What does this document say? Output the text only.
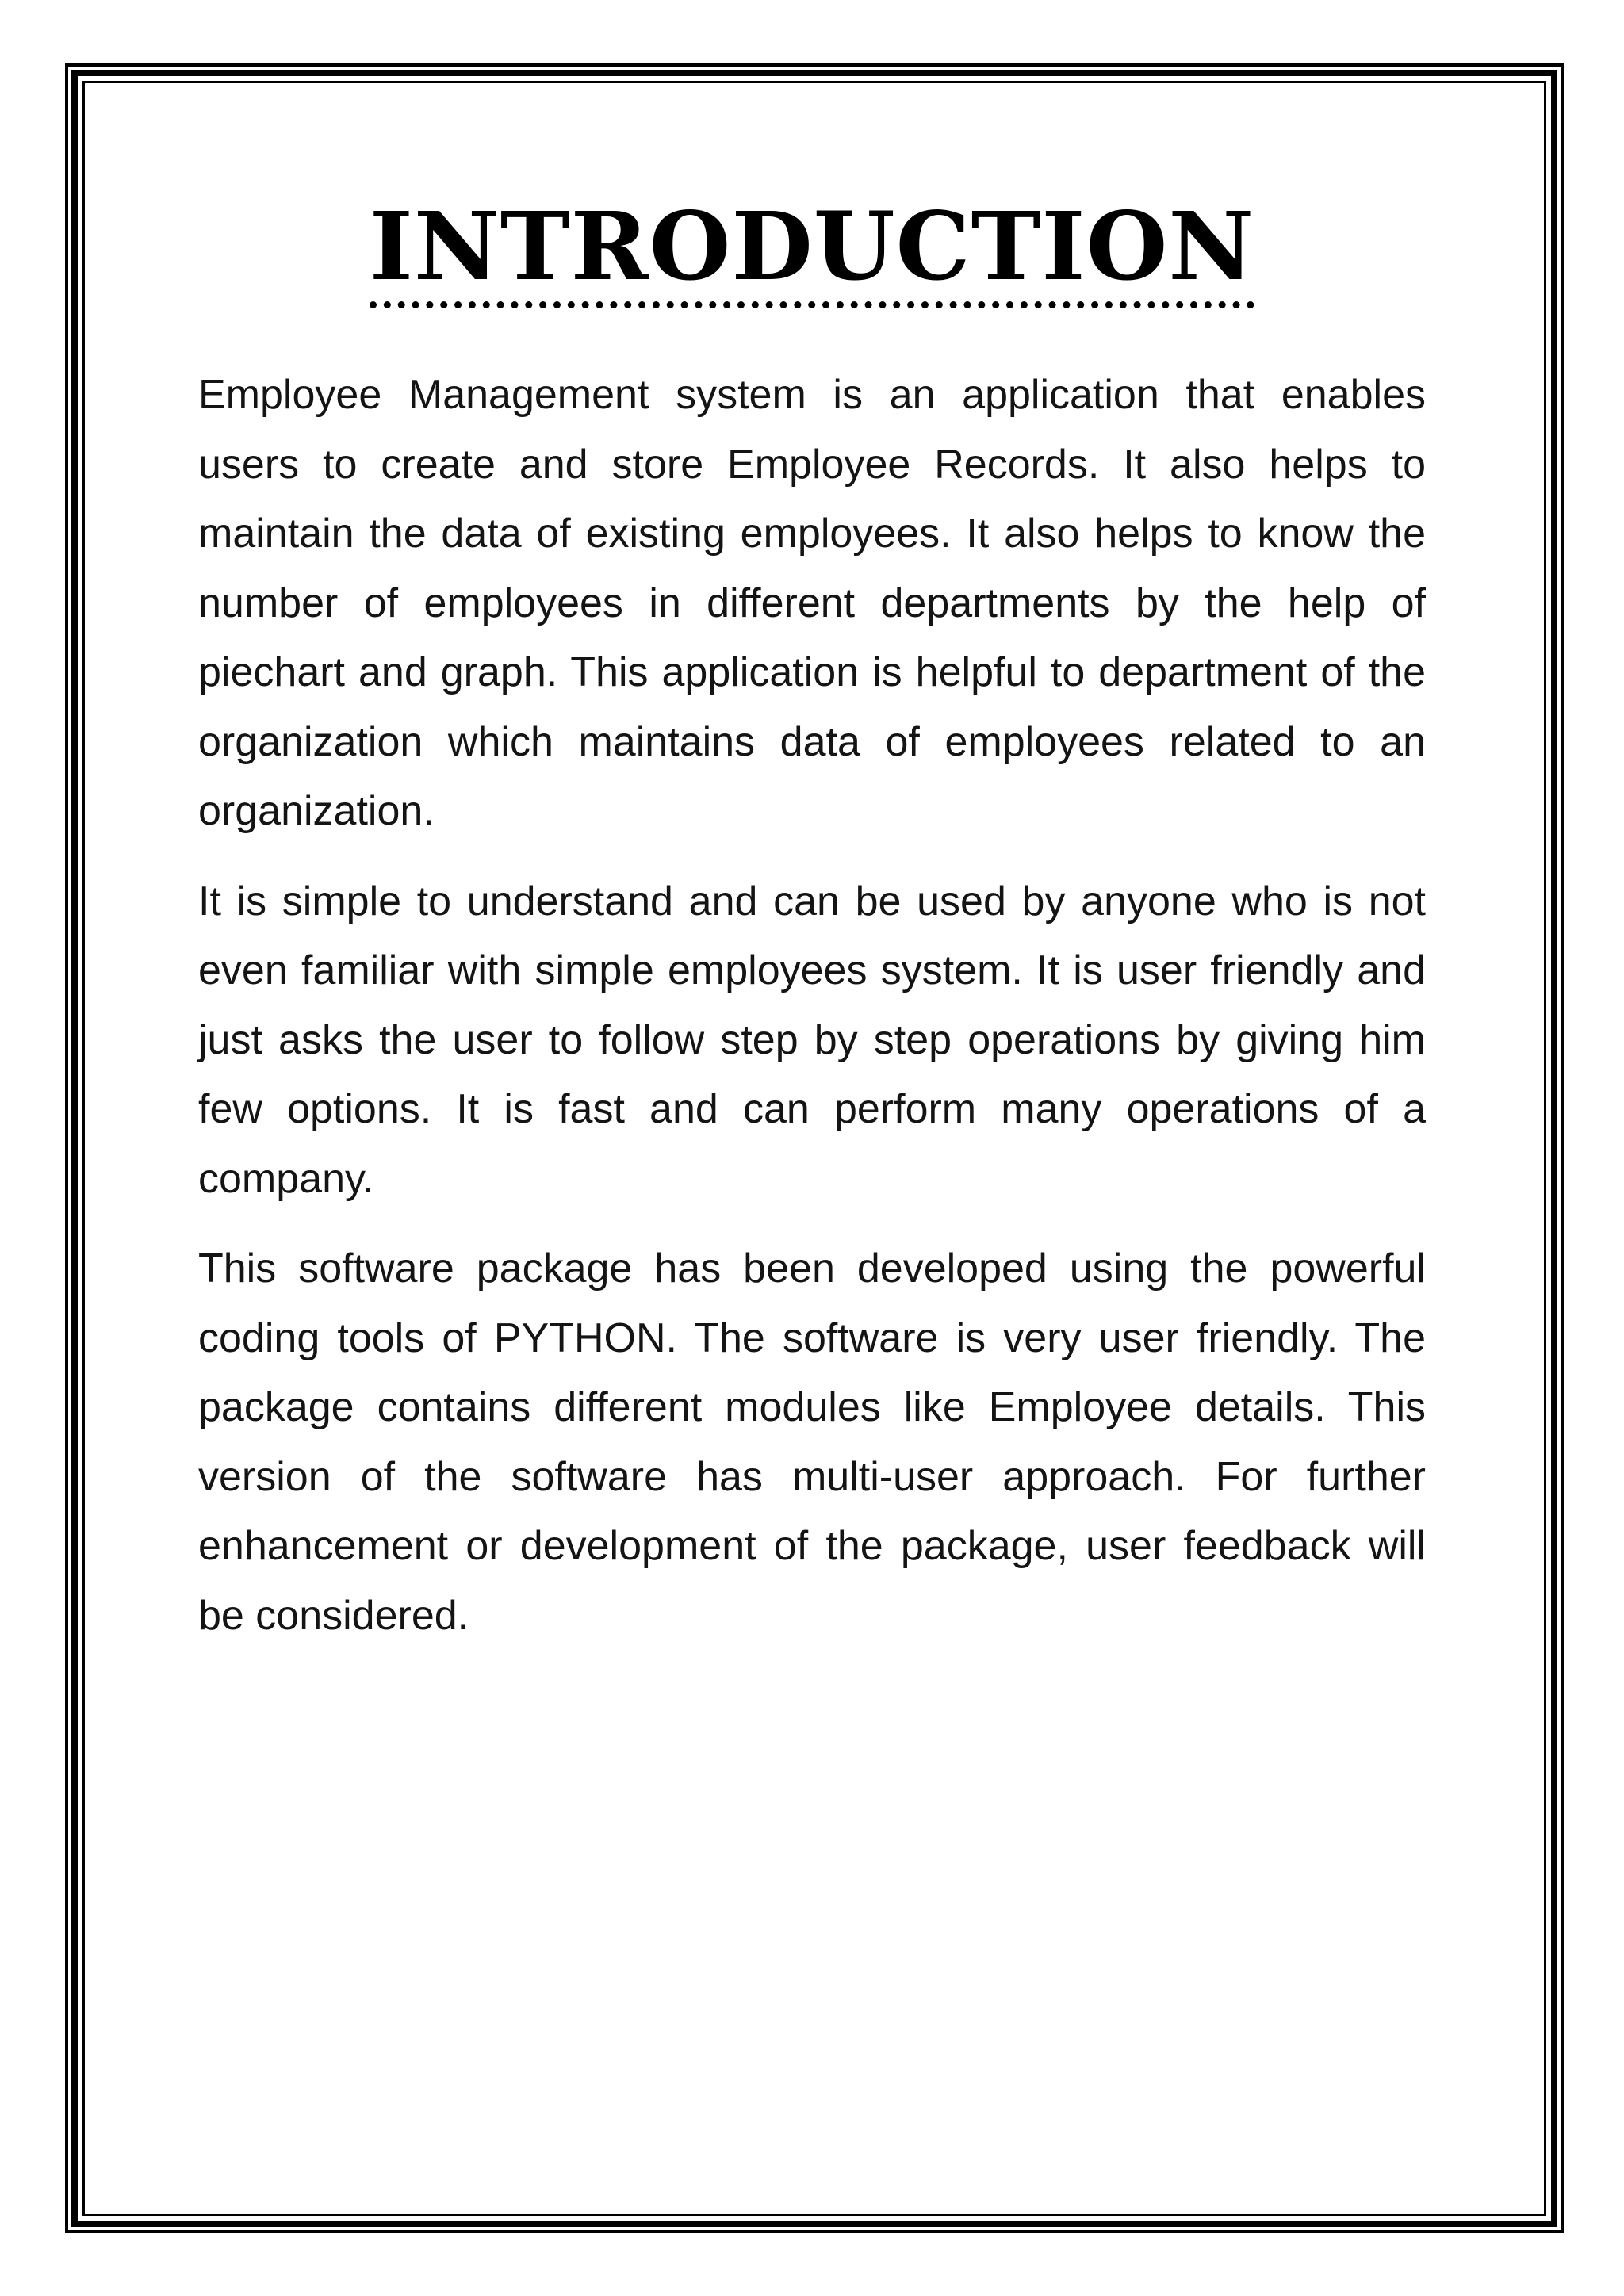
INTRODUCTION

Employee Management system is an application that enables users to create and store Employee Records. It also helps to maintain the data of existing employees. It also helps to know the number of employees in different departments by the help of piechart and graph. This application is helpful to department of the organization which maintains data of employees related to an organization.

It is simple to understand and can be used by anyone who is not even familiar with simple employees system. It is user friendly and just asks the user to follow step by step operations by giving him few options. It is fast and can perform many operations of a company.

This software package has been developed using the powerful coding tools of PYTHON. The software is very user friendly. The package contains different modules like Employee details. This version of the software has multi-user approach. For further enhancement or development of the package, user feedback will be considered.
